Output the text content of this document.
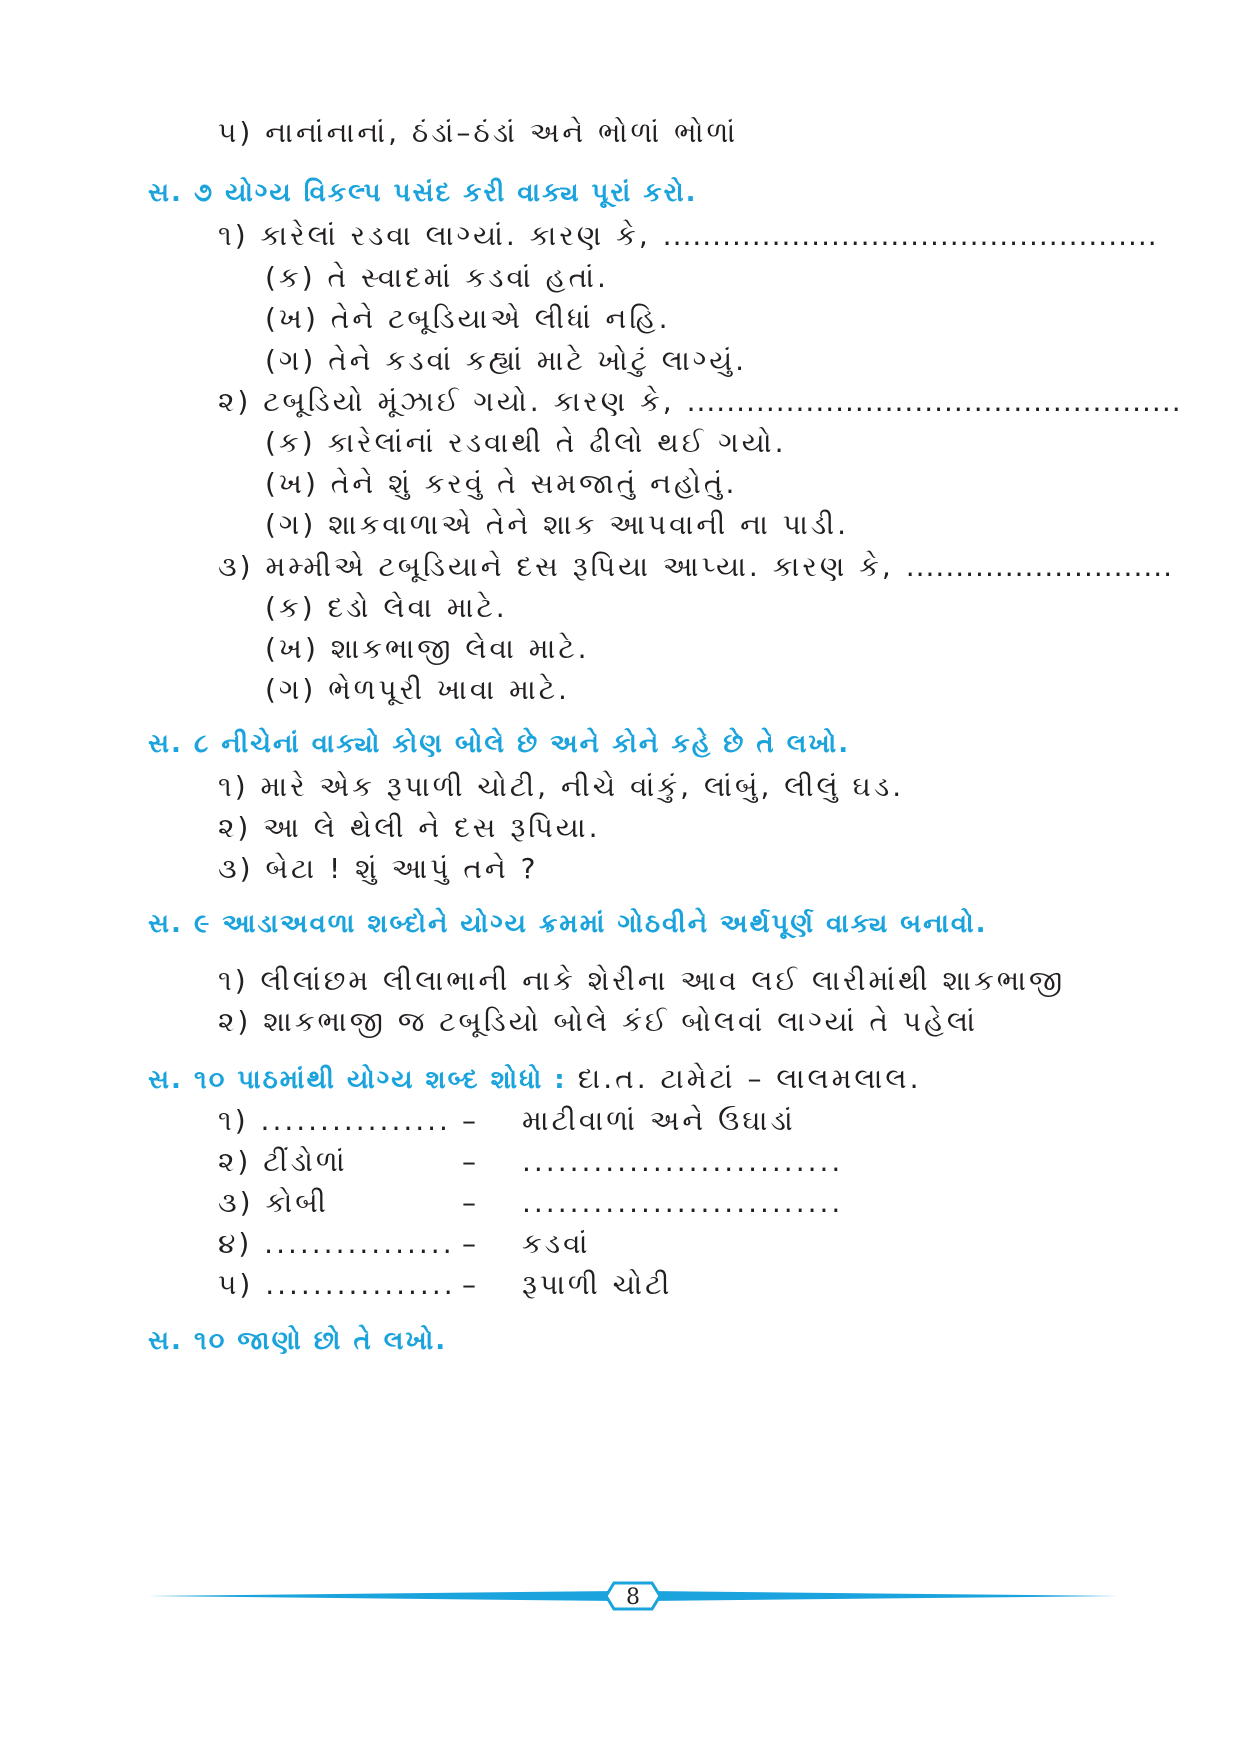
૫) નાનાંનાનાં, ઠંડાં–ઠંડાં અને ભોળાં ભોળાં
સ. ૭ યોગ્ય વિકલ્પ પસંદ કરી વાક્ય પૂરાં કરો.
૧) કારેલાં રડવા લાગ્યાં. કારણ કે, ..................................................
(ક) તે સ્વાદમાં કડવાં હતાં.
(ખ) તેને ટબૂડિયાએ લીધાં નહિ.
(ગ) તેને કડવાં કહ્યાં માટે ખોટું લાગ્યું.
૨) ટબૂડિયો મૂંઝાઈ ગયો. કારણ કે, ..................................................
(ક) કારેલાંનાં રડવાથી તે ઢીલો થઈ ગયો.
(ખ) તેને શું કરવું તે સમજાતું નહોતું.
(ગ) શાકવાળાએ તેને શાક આપવાની ના પાડી.
૩) મમ્મીએ ટબૂડિયાને દસ રૂપિયા આપ્યા. કારણ કે, ...........................
(ક) દડો લેવા માટે.
(ખ) શાકભાજી લેવા માટે.
(ગ) ભેળપૂરી ખાવા માટે.
સ. ૮ નીચેનાં વાક્યો કોણ બોલે છે અને કોને કહે છે તે લખો.
૧) મારે એક રૂપાળી ચોટી, નીચે વાંકું, લાંબું, લીલું ઘડ.
૨) આ લે થેલી ને દસ રૂપિયા.
૩) બેટા ! શું આપું તને ?
સ. ૯ આડાઅવળા શબ્દોને યોગ્ય ક્રમમાં ગોઠવીને અર્થપૂર્ણ વાક્ય બનાવો.
૧) લીલાંછમ લીલાભાની નાકે શેરીના આવ લઈ લારીમાંથી શાકભાજી
૨) શાકભાજી જ ટબૂડિયો બોલે કંઈ બોલવાં લાગ્યાં તે પહેલાં
સ. ૧૦ પાઠમાંથી યોગ્ય શબ્દ શોધો : દા.ત. ટામેટાં – લાલમલાલ.
૧) ................ – માટીવાળાં અને ઉઘાડાં
૨) ટીંડોળાં	– ...........................
૩) કોબી	– ...........................
૪) ................ – કડવાં
૫) ................ – રૂપાળી ચોટી
સ. ૧૦ જાણો છો તે લખો.
8
